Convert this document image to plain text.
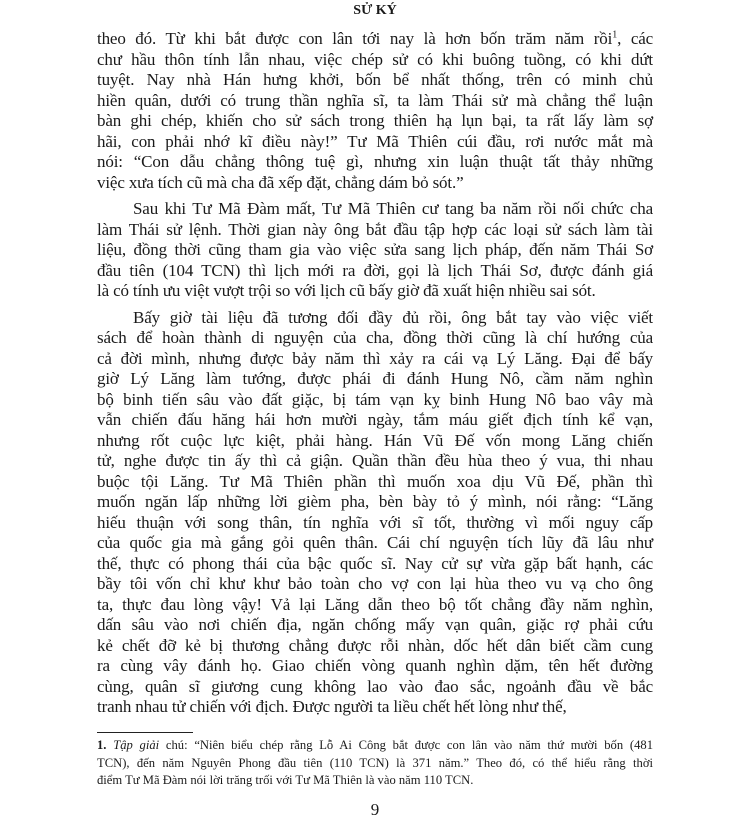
SỬ KÝ
theo đó. Từ khi bắt được con lân tới nay là hơn bốn trăm năm rồi$^1$, các
chư hầu thôn tính lẫn nhau, việc chép sử có khi buông tuồng, có khi dứt
tuyệt. Nay nhà Hán hưng khởi, bốn bể nhất thống, trên có minh chủ
hiền quân, dưới có trung thần nghĩa sĩ, ta làm Thái sử mà chẳng thể luận
bàn ghi chép, khiến cho sử sách trong thiên hạ lụn bại, ta rất lấy làm sợ
hãi, con phải nhớ kĩ điều này!” Tư Mã Thiên cúi đầu, rơi nước mắt mà
nói: “Con dẫu chẳng thông tuệ gì, nhưng xin luận thuật tất thảy những
việc xưa tích cũ mà cha đã xếp đặt, chẳng dám bỏ sót.”
Sau khi Tư Mã Đàm mất, Tư Mã Thiên cư tang ba năm rồi nối chức cha
làm Thái sử lệnh. Thời gian này ông bắt đầu tập hợp các loại sử sách làm tài
liệu, đồng thời cũng tham gia vào việc sửa sang lịch pháp, đến năm Thái Sơ
đầu tiên (104 TCN) thì lịch mới ra đời, gọi là lịch Thái Sơ, được đánh giá
là có tính ưu việt vượt trội so với lịch cũ bấy giờ đã xuất hiện nhiều sai sót.
Bấy giờ tài liệu đã tương đối đầy đủ rồi, ông bắt tay vào việc viết
sách để hoàn thành di nguyện của cha, đồng thời cũng là chí hướng của
cả đời mình, nhưng được bảy năm thì xảy ra cái vạ Lý Lăng. Đại để bấy
giờ Lý Lăng làm tướng, được phái đi đánh Hung Nô, cầm năm nghìn
bộ binh tiến sâu vào đất giặc, bị tám vạn kỵ binh Hung Nô bao vây mà
vẫn chiến đấu hăng hái hơn mười ngày, tắm máu giết địch tính kể vạn,
nhưng rốt cuộc lực kiệt, phải hàng. Hán Vũ Đế vốn mong Lăng chiến
tử, nghe được tin ấy thì cả giận. Quần thần đều hùa theo ý vua, thi nhau
buộc tội Lăng. Tư Mã Thiên phần thì muốn xoa dịu Vũ Đế, phần thì
muốn ngăn lấp những lời gièm pha, bèn bày tỏ ý mình, nói rằng: “Lăng
hiếu thuận với song thân, tín nghĩa với sĩ tốt, thường vì mối nguy cấp
của quốc gia mà gắng gỏi quên thân. Cái chí nguyện tích lũy đã lâu như
thế, thực có phong thái của bậc quốc sĩ. Nay cử sự vừa gặp bất hạnh, các
bầy tôi vốn chỉ khư khư bảo toàn cho vợ con lại hùa theo vu vạ cho ông
ta, thực đau lòng vậy! Vả lại Lăng dẫn theo bộ tốt chẳng đầy năm nghìn,
dấn sâu vào nơi chiến địa, ngăn chống mấy vạn quân, giặc rợ phải cứu
kẻ chết đỡ kẻ bị thương chẳng được rỗi nhàn, dốc hết dân biết cầm cung
ra cùng vây đánh họ. Giao chiến vòng quanh nghìn dặm, tên hết đường
cùng, quân sĩ giương cung không lao vào đao sắc, ngoảnh đầu về bắc
tranh nhau tử chiến với địch. Được người ta liều chết hết lòng như thế,
1. Tập giải chú: “Niên biểu chép rằng Lỗ Ai Công bắt được con lân vào năm thứ mười bốn (481
TCN), đến năm Nguyên Phong đầu tiên (110 TCN) là 371 năm.” Theo đó, có thể hiểu rằng thời
điểm Tư Mã Đàm nói lời trăng trối với Tư Mã Thiên là vào năm 110 TCN.
9
